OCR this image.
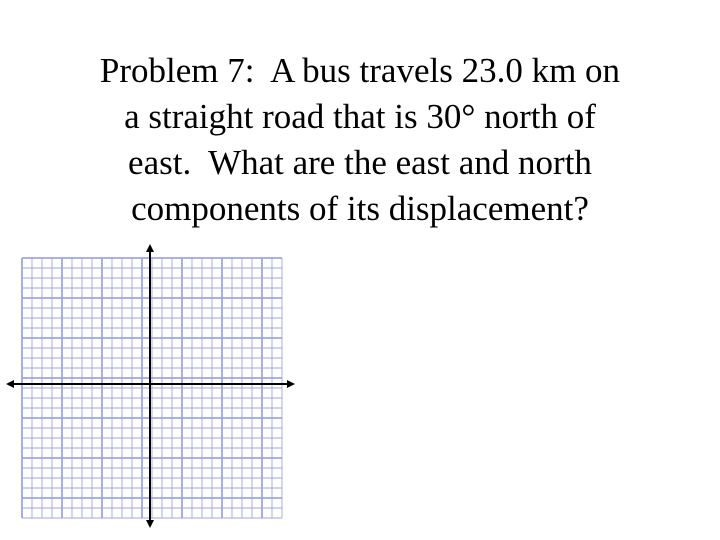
Problem 7:  A bus travels 23.0 km on
a straight road that is 30° north of
east.  What are the east and north
components of its displacement?
